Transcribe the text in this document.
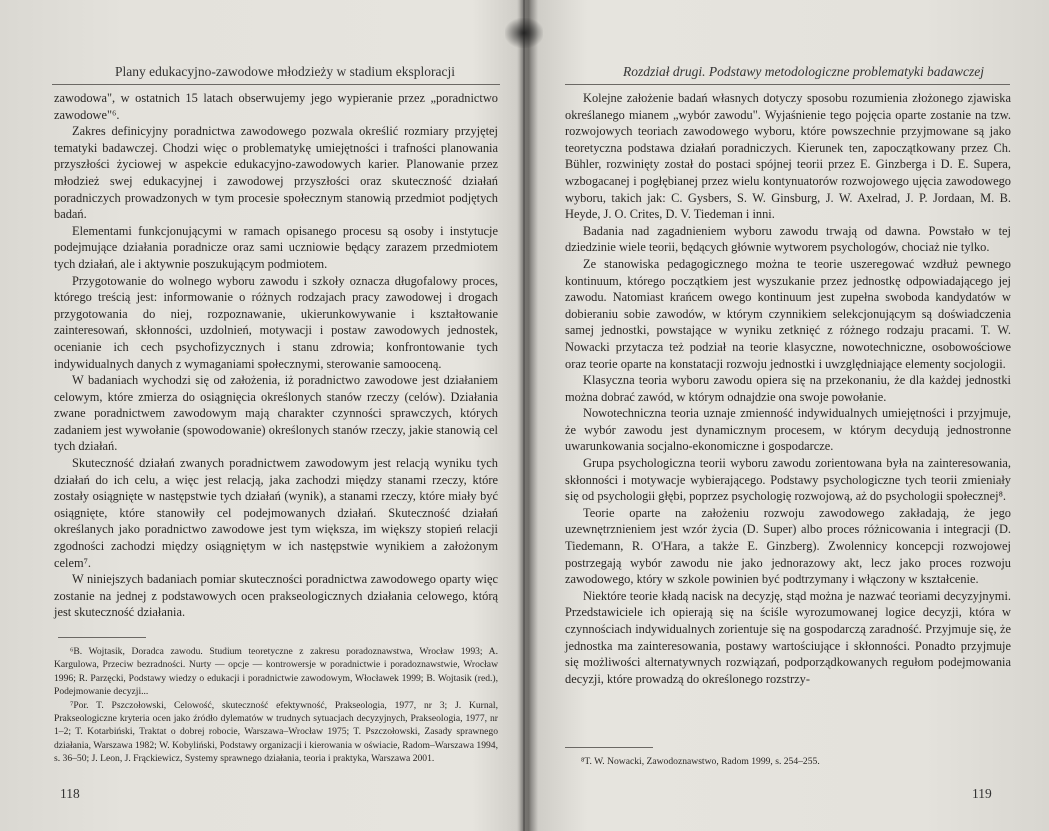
Plany edukacyjno-zawodowe młodzieży w stadium eksploracji

zawodowa", w ostatnich 15 latach obserwujemy jego wypieranie przez „poradnictwo zawodowe"⁶.

Zakres definicyjny poradnictwa zawodowego pozwala określić rozmiary przyjętej tematyki badawczej. Chodzi więc o problematykę umiejętności i trafności planowania przyszłości życiowej w aspekcie edukacyjno-zawodowych karier. Planowanie przez młodzież swej edukacyjnej i zawodowej przyszłości oraz skuteczność działań poradniczych prowadzonych w tym procesie społecznym stanowią przedmiot podjętych badań.

Elementami funkcjonującymi w ramach opisanego procesu są osoby i instytucje podejmujące działania poradnicze oraz sami uczniowie będący zarazem przedmiotem tych działań, ale i aktywnie poszukującym podmiotem.

Przygotowanie do wolnego wyboru zawodu i szkoły oznacza długofalowy proces, którego treścią jest: informowanie o różnych rodzajach pracy zawodowej i drogach przygotowania do niej, rozpoznawanie, ukierunkowywanie i kształtowanie zainteresowań, skłonności, uzdolnień, motywacji i postaw zawodowych jednostek, ocenianie ich cech psychofizycznych i stanu zdrowia; konfrontowanie tych indywidualnych danych z wymaganiami społecznymi, sterowanie samooceną.

W badaniach wychodzi się od założenia, iż poradnictwo zawodowe jest działaniem celowym, które zmierza do osiągnięcia określonych stanów rzeczy (celów). Działania zwane poradnictwem zawodowym mają charakter czynności sprawczych, których zadaniem jest wywołanie (spowodowanie) określonych stanów rzeczy, jakie stanowią cel tych działań.

Skuteczność działań zwanych poradnictwem zawodowym jest relacją wyniku tych działań do ich celu, a więc jest relacją, jaka zachodzi między stanami rzeczy, które zostały osiągnięte w następstwie tych działań (wynik), a stanami rzeczy, które miały być osiągnięte, które stanowiły cel podejmowanych działań. Skuteczność działań określanych jako poradnictwo zawodowe jest tym większa, im większy stopień relacji zgodności zachodzi między osiągniętym w ich następstwie wynikiem a założonym celem⁷.

W niniejszych badaniach pomiar skuteczności poradnictwa zawodowego oparty więc zostanie na jednej z podstawowych ocen prakseologicznych działania celowego, którą jest skuteczność działania.

⁶B. Wojtasik, Doradca zawodu. Studium teoretyczne z zakresu poradoznawstwa, Wrocław 1993; A. Kargulowa, Przeciw bezradności. Nurty — opcje — kontrowersje w poradnictwie i poradoznawstwie, Wrocław 1996; R. Parzęcki, Podstawy wiedzy o edukacji i poradnictwie zawodowym, Włocławek 1999; B. Wojtasik (red.), Podejmowanie decyzji...

⁷Por. T. Pszczołowski, Celowość, skuteczność efektywność, Prakseologia, 1977, nr 3; J. Kurnal, Prakseologiczne kryteria ocen jako źródło dylematów w trudnych sytuacjach decyzyjnych, Prakseologia, 1977, nr 1–2; T. Kotarbiński, Traktat o dobrej robocie, Warszawa–Wrocław 1975; T. Pszczołowski, Zasady sprawnego działania, Warszawa 1982; W. Kobyliński, Podstawy organizacji i kierowania w oświacie, Radom–Warszawa 1994, s. 36–50; J. Leon, J. Frąckiewicz, Systemy sprawnego działania, teoria i praktyka, Warszawa 2001.

118
Rozdział drugi. Podstawy metodologiczne problematyki badawczej

Kolejne założenie badań własnych dotyczy sposobu rozumienia złożonego zjawiska określanego mianem „wybór zawodu". Wyjaśnienie tego pojęcia oparte zostanie na tzw. rozwojowych teoriach zawodowego wyboru, które powszechnie przyjmowane są jako teoretyczna podstawa działań poradniczych. Kierunek ten, zapoczątkowany przez Ch. Bühler, rozwinięty został do postaci spójnej teorii przez E. Ginzberga i D. E. Supera, wzbogacanej i pogłębianej przez wielu kontynuatorów rozwojowego ujęcia zawodowego wyboru, takich jak: C. Gysbers, S. W. Ginsburg, J. W. Axelrad, J. P. Jordaan, M. B. Heyde, J. O. Crites, D. V. Tiedeman i inni.

Badania nad zagadnieniem wyboru zawodu trwają od dawna. Powstało w tej dziedzinie wiele teorii, będących głównie wytworem psychologów, chociaż nie tylko.

Ze stanowiska pedagogicznego można te teorie uszeregować wzdłuż pewnego kontinuum, którego początkiem jest wyszukanie przez jednostkę odpowiadającego jej zawodu. Natomiast krańcem owego kontinuum jest zupełna swoboda kandydatów w dobieraniu sobie zawodów, w którym czynnikiem selekcjonującym są doświadczenia samej jednostki, powstające w wyniku zetknięć z różnego rodzaju pracami. T. W. Nowacki przytacza też podział na teorie klasyczne, nowotechniczne, osobowościowe oraz teorie oparte na konstatacji rozwoju jednostki i uwzględniające elementy socjologii.

Klasyczna teoria wyboru zawodu opiera się na przekonaniu, że dla każdej jednostki można dobrać zawód, w którym odnajdzie ona swoje powołanie.

Nowotechniczna teoria uznaje zmienność indywidualnych umiejętności i przyjmuje, że wybór zawodu jest dynamicznym procesem, w którym decydują jednostronne uwarunkowania socjalno-ekonomiczne i gospodarcze.

Grupa psychologiczna teorii wyboru zawodu zorientowana była na zainteresowania, skłonności i motywacje wybierającego. Podstawy psychologiczne tych teorii zmieniały się od psychologii głębi, poprzez psychologię rozwojową, aż do psychologii społecznej⁸.

Teorie oparte na założeniu rozwoju zawodowego zakładają, że jego uzewnętrznieniem jest wzór życia (D. Super) albo proces różnicowania i integracji (D. Tiedemann, R. O'Hara, a także E. Ginzberg). Zwolennicy koncepcji rozwojowej postrzegają wybór zawodu nie jako jednorazowy akt, lecz jako proces rozwoju zawodowego, który w szkole powinien być podtrzymany i włączony w kształcenie.

Niektóre teorie kładą nacisk na decyzję, stąd można je nazwać teoriami decyzyjnymi. Przedstawiciele ich opierają się na ściśle wyrozumowanej logice decyzji, która w czynnościach indywidualnych zorientuje się na gospodarczą zaradność. Przyjmuje się, że jednostka ma zainteresowania, postawy wartościujące i skłonności. Ponadto przyjmuje się możliwości alternatywnych rozwiązań, podporządkowanych regułom podejmowania decyzji, które prowadzą do określonego rozstrzy-

⁸T. W. Nowacki, Zawodoznawstwo, Radom 1999, s. 254–255.

119
